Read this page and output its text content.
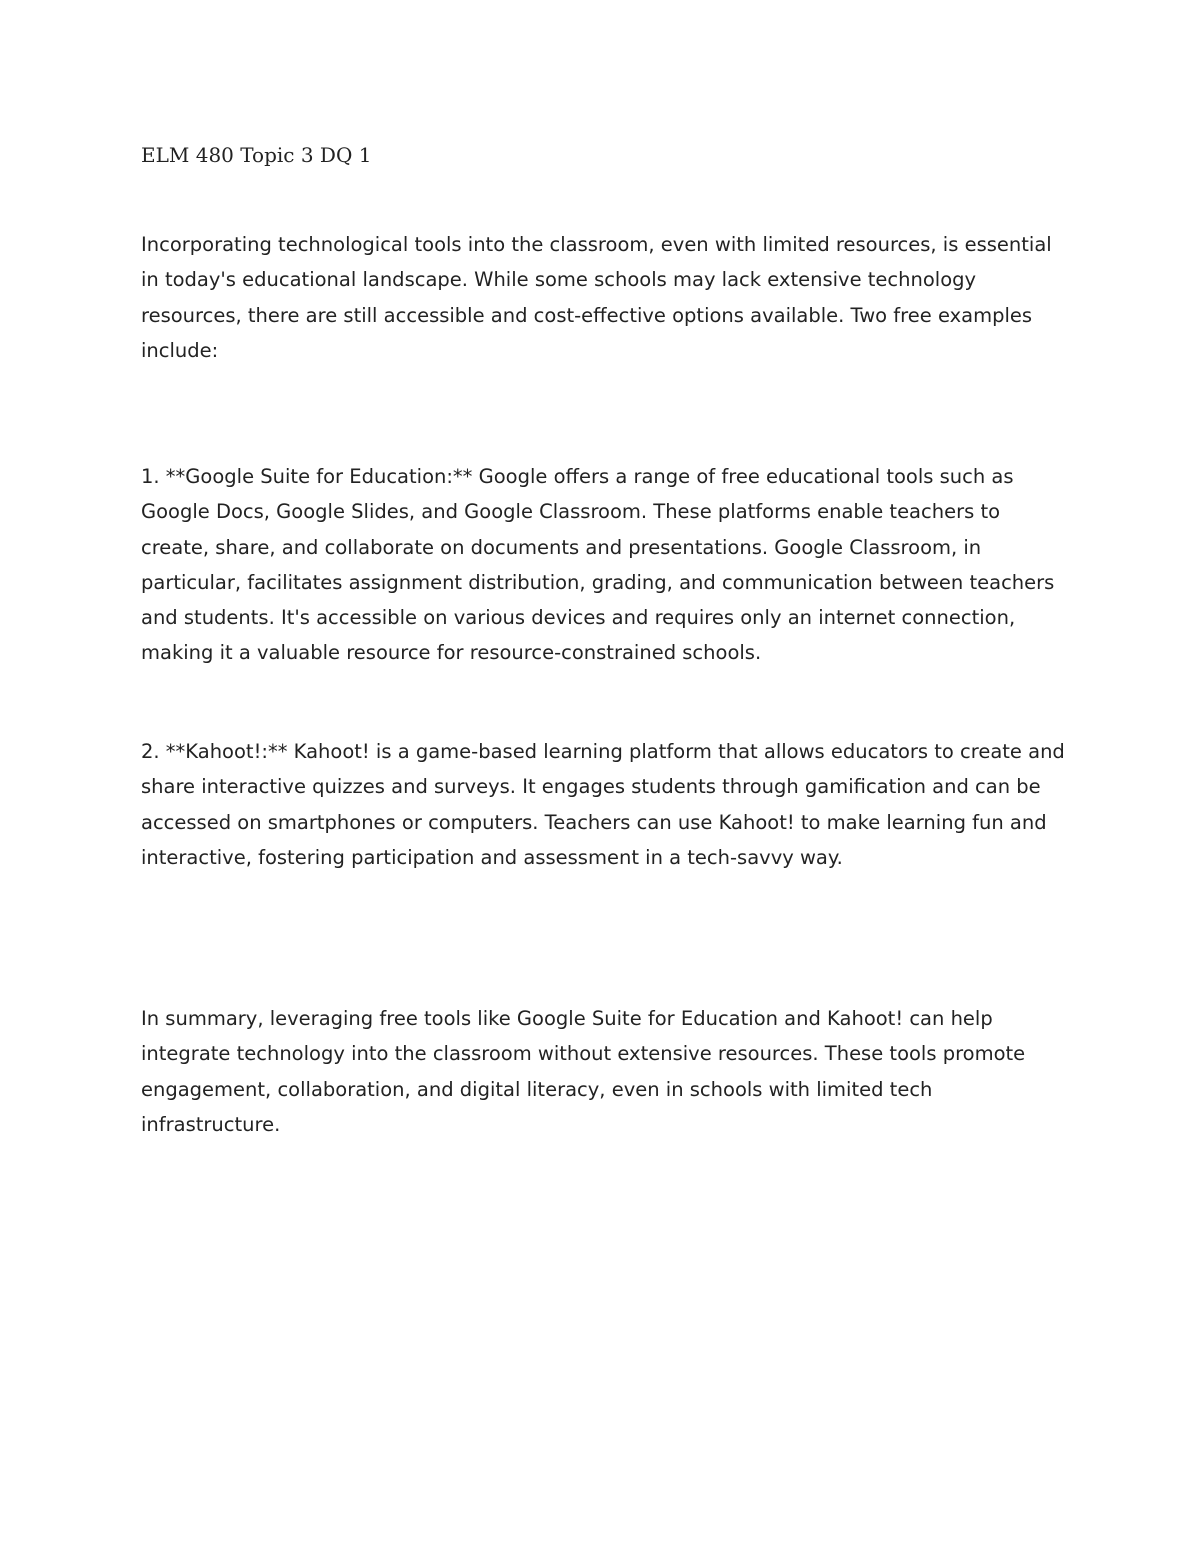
ELM 480 Topic 3 DQ 1

Incorporating technological tools into the classroom, even with limited resources, is essential in today's educational landscape. While some schools may lack extensive technology resources, there are still accessible and cost-effective options available. Two free examples include:

1. **Google Suite for Education:** Google offers a range of free educational tools such as Google Docs, Google Slides, and Google Classroom. These platforms enable teachers to create, share, and collaborate on documents and presentations. Google Classroom, in particular, facilitates assignment distribution, grading, and communication between teachers and students. It's accessible on various devices and requires only an internet connection, making it a valuable resource for resource-constrained schools.

2. **Kahoot!:** Kahoot! is a game-based learning platform that allows educators to create and share interactive quizzes and surveys. It engages students through gamification and can be accessed on smartphones or computers. Teachers can use Kahoot! to make learning fun and interactive, fostering participation and assessment in a tech-savvy way.

In summary, leveraging free tools like Google Suite for Education and Kahoot! can help integrate technology into the classroom without extensive resources. These tools promote engagement, collaboration, and digital literacy, even in schools with limited tech infrastructure.
